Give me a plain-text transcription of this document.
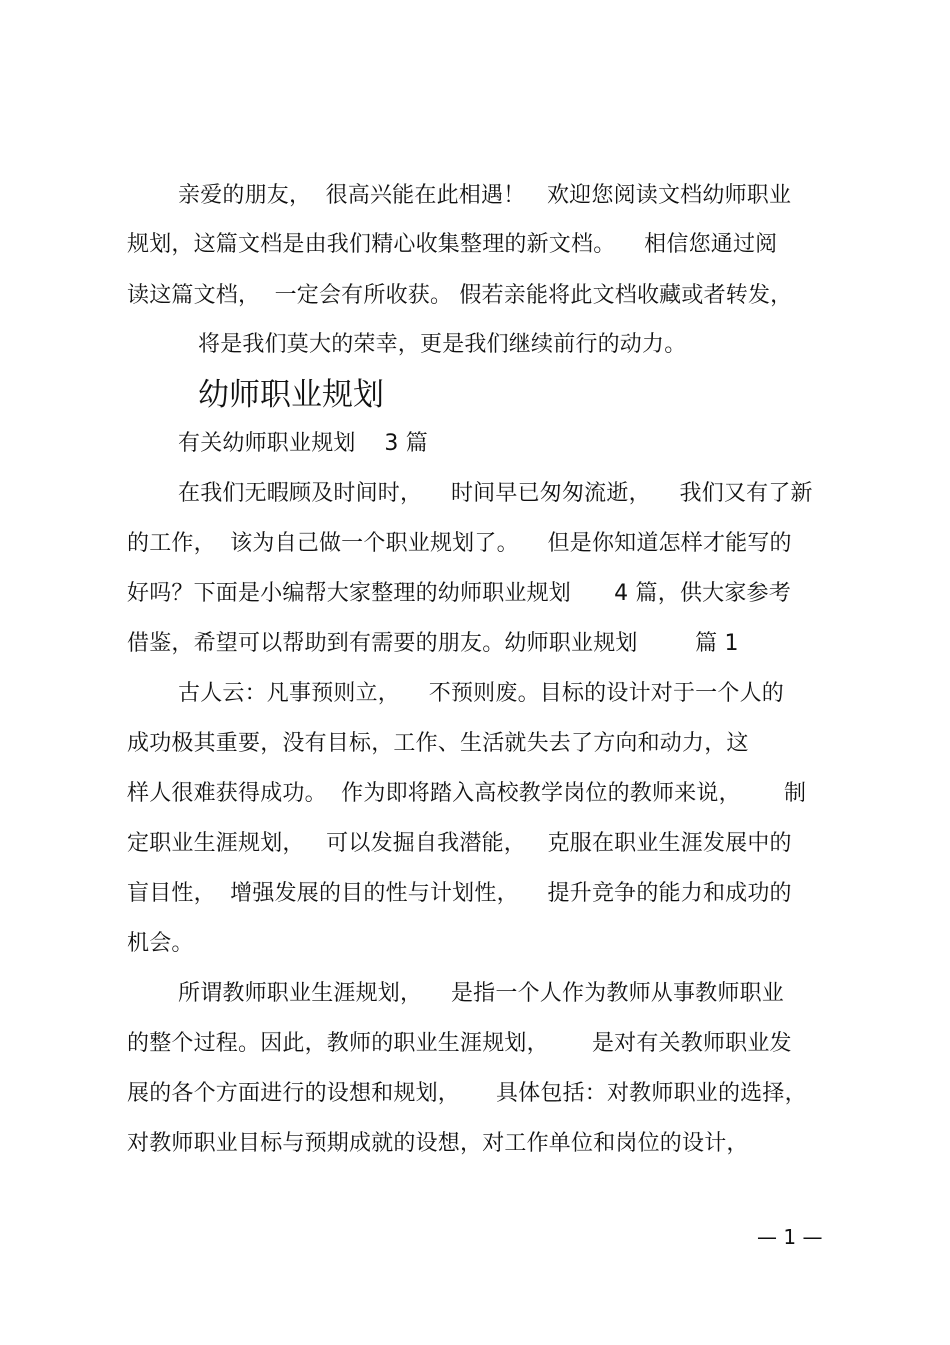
亲爱的朋友，  很高兴能在此相遇！   欢迎您阅读文档幼师职业
规划，这篇文档是由我们精心收集整理的新文档。    相信您通过阅
读这篇文档，  一定会有所收获。 假若亲能将此文档收藏或者转发，
将是我们莫大的荣幸，更是我们继续前行的动力。
幼师职业规划
有关幼师职业规划    3 篇
在我们无暇顾及时间时，    时间早已匆匆流逝，    我们又有了新
的工作，  该为自己做一个职业规划了。    但是你知道怎样才能写的
好吗？下面是小编帮大家整理的幼师职业规划      4 篇，供大家参考
借鉴，希望可以帮助到有需要的朋友。幼师职业规划        篇 1
古人云：凡事预则立，    不预则废。目标的设计对于一个人的
成功极其重要，没有目标，工作、生活就失去了方向和动力，这
样人很难获得成功。  作为即将踏入高校教学岗位的教师来说，      制
定职业生涯规划，   可以发掘自我潜能，   克服在职业生涯发展中的
盲目性，  增强发展的目的性与计划性，    提升竞争的能力和成功的
机会。
所谓教师职业生涯规划，    是指一个人作为教师从事教师职业
的整个过程。因此，教师的职业生涯规划，      是对有关教师职业发
展的各个方面进行的设想和规划，     具体包括：对教师职业的选择，
对教师职业目标与预期成就的设想，对工作单位和岗位的设计，
— 1 —
